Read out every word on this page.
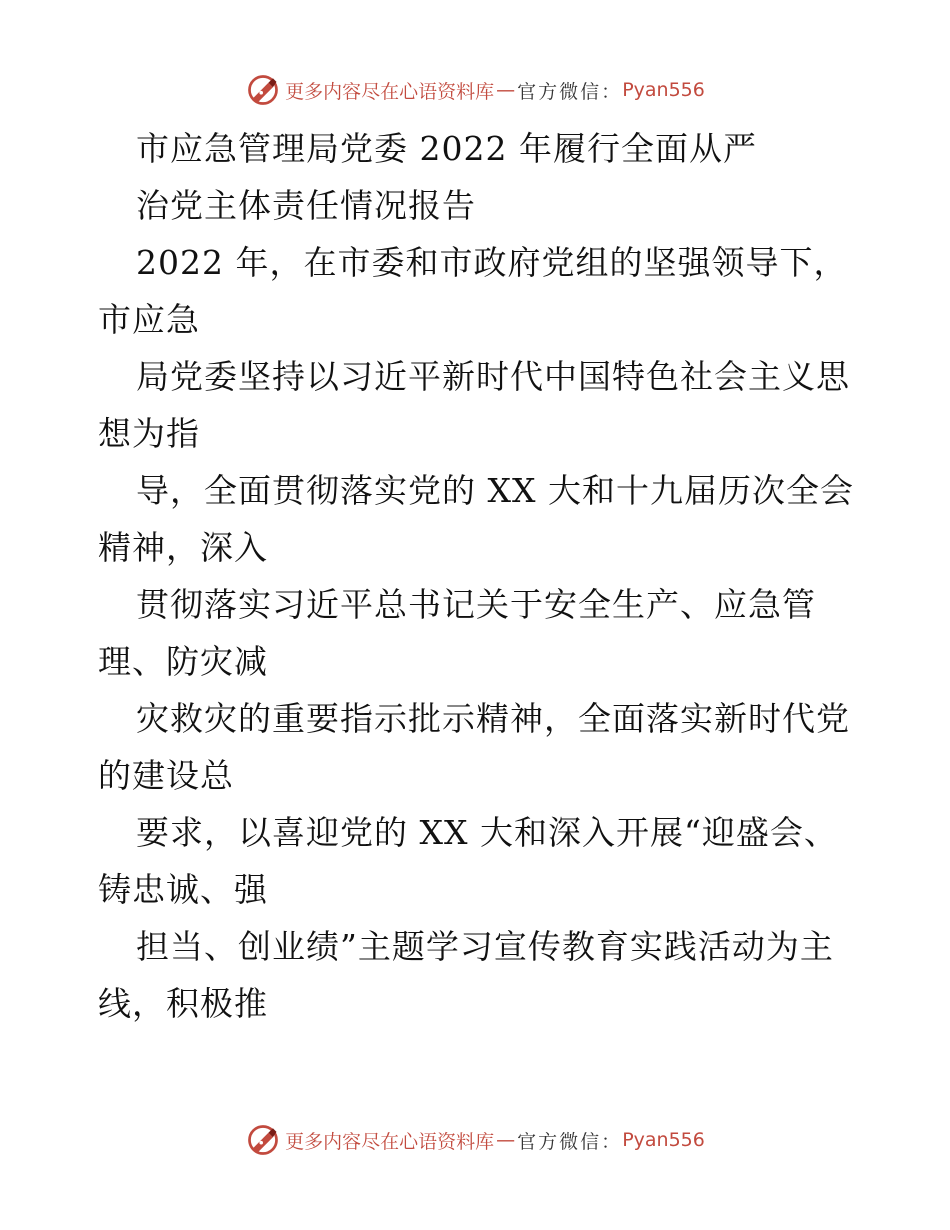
更多内容尽在心语资料库 — 官方微信： Pyan556
市应急管理局党委 2022 年履行全面从严
治党主体责任情况报告
2022 年，在市委和市政府党组的坚强领导下，
市应急
局党委坚持以习近平新时代中国特色社会主义思
想为指
导，全面贯彻落实党的 XX 大和十九届历次全会
精神，深入
贯彻落实习近平总书记关于安全生产、应急管
理、防灾减
灾救灾的重要指示批示精神，全面落实新时代党
的建设总
要求，以喜迎党的 XX 大和深入开展“迎盛会、
铸忠诚、强
担当、创业绩”主题学习宣传教育实践活动为主
线，积极推
更多内容尽在心语资料库 — 官方微信： Pyan556
